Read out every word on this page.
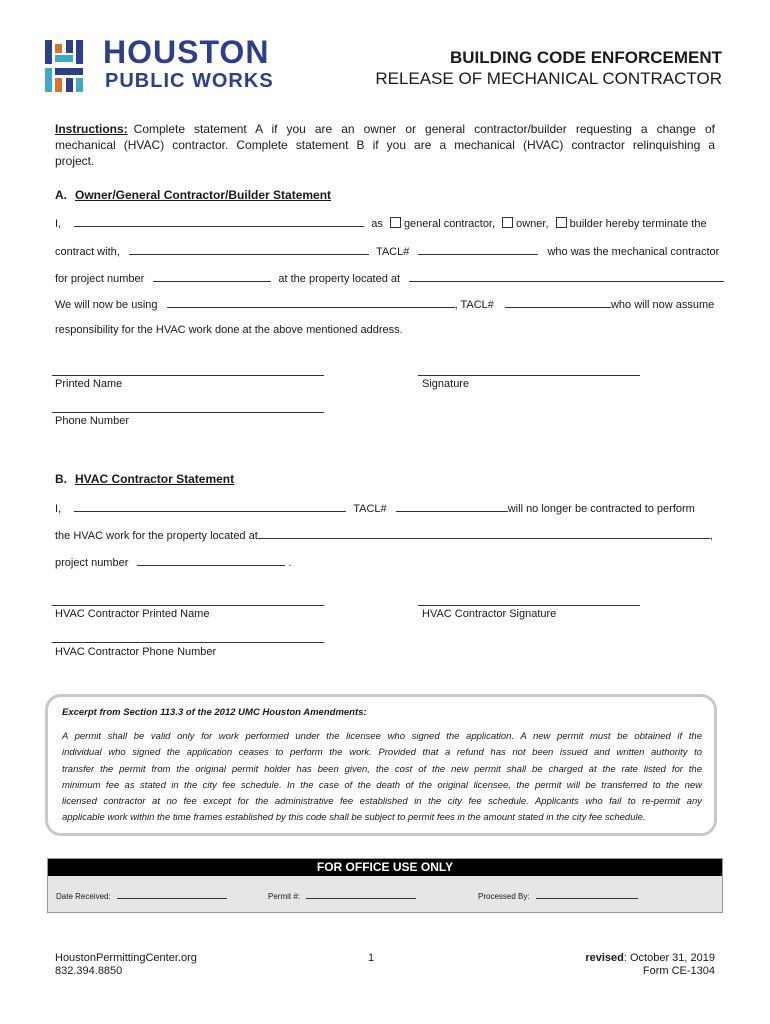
HOUSTON
PUBLIC WORKS
BUILDING CODE ENFORCEMENT
RELEASE OF MECHANICAL CONTRACTOR
Instructions: Complete statement A if you are an owner or general contractor/builder requesting a change of
mechanical (HVAC) contractor. Complete statement B if you are a mechanical (HVAC) contractor relinquishing a
project.
A. Owner/General Contractor/Builder Statement
I,	as general contractor, owner, builder hereby terminate the
contract with,	TACL#	who was the mechanical contractor
for project number	at the property located at
We will now be using	, TACL#	who will now assume
responsibility for the HVAC work done at the above mentioned address.
Printed Name	Signature
Phone Number
B. HVAC Contractor Statement
I,	TACL#	will no longer be contracted to perform
the HVAC work for the property located at	,
project number	.
HVAC Contractor Printed Name	HVAC Contractor Signature
HVAC Contractor Phone Number
Excerpt from Section 113.3 of the 2012 UMC Houston Amendments:
A permit shall be valid only for work performed under the licensee who signed the application. A new permit must be obtained if the
individual who signed the application ceases to perform the work. Provided that a refund has not been issued and written authority to
transfer the permit from the original permit holder has been given, the cost of the new permit shall be charged at the rate listed for the
minimum fee as stated in the city fee schedule. In the case of the death of the original licensee, the permit will be transferred to the new
licensed contractor at no fee except for the administrative fee established in the city fee schedule. Applicants who fail to re-permit any
applicable work within the time frames established by this code shall be subject to permit fees in the amount stated in the city fee schedule.
FOR OFFICE USE ONLY
Date Received:	Permit #:	Processed By:
HoustonPermittingCenter.org
832.394.8850
1	revised: October 31, 2019
Form CE-1304
